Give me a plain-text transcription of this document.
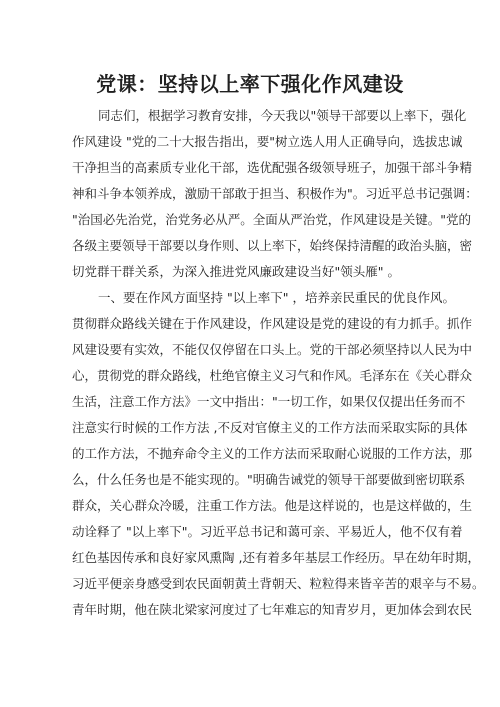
党课：坚持以上率下强化作风建设
同志们，根据学习教育安排，今天我以"领导干部要以上率下，强化
作风建设 "党的二十大报告指出，要"树立选人用人正确导向，选拔忠诚
干净担当的高素质专业化干部，选优配强各级领导班子，加强干部斗争精
神和斗争本领养成，激励干部敢于担当、积极作为"。习近平总书记强调：
"治国必先治党，治党务必从严。全面从严治党，作风建设是关键。"党的
各级主要领导干部要以身作则、以上率下，始终保持清醒的政治头脑，密
切党群干群关系，为深入推进党风廉政建设当好"领头雁" 。
一、要在作风方面坚持 "以上率下" ，培养亲民重民的优良作风。
贯彻群众路线关键在于作风建设，作风建设是党的建设的有力抓手。抓作
风建设要有实效，不能仅仅停留在口头上。党的干部必须坚持以人民为中
心，贯彻党的群众路线，杜绝官僚主义习气和作风。毛泽东在《关心群众
生活，注意工作方法》一文中指出："一切工作，如果仅仅提出任务而不
注意实行时候的工作方法 ,不反对官僚主义的工作方法而采取实际的具体
的工作方法，不抛弃命令主义的工作方法而采取耐心说服的工作方法，那
么，什么任务也是不能实现的。"明确告诫党的领导干部要做到密切联系
群众，关心群众冷暖，注重工作方法。他是这样说的，也是这样做的，生
动诠释了 "以上率下"。习近平总书记和蔼可亲、平易近人，他不仅有着
红色基因传承和良好家风熏陶 ,还有着多年基层工作经历。早在幼年时期，
习近平便亲身感受到农民面朝黄土背朝天、粒粒得来皆辛苦的艰辛与不易。
青年时期，他在陕北梁家河度过了七年难忘的知青岁月，更加体会到农民
